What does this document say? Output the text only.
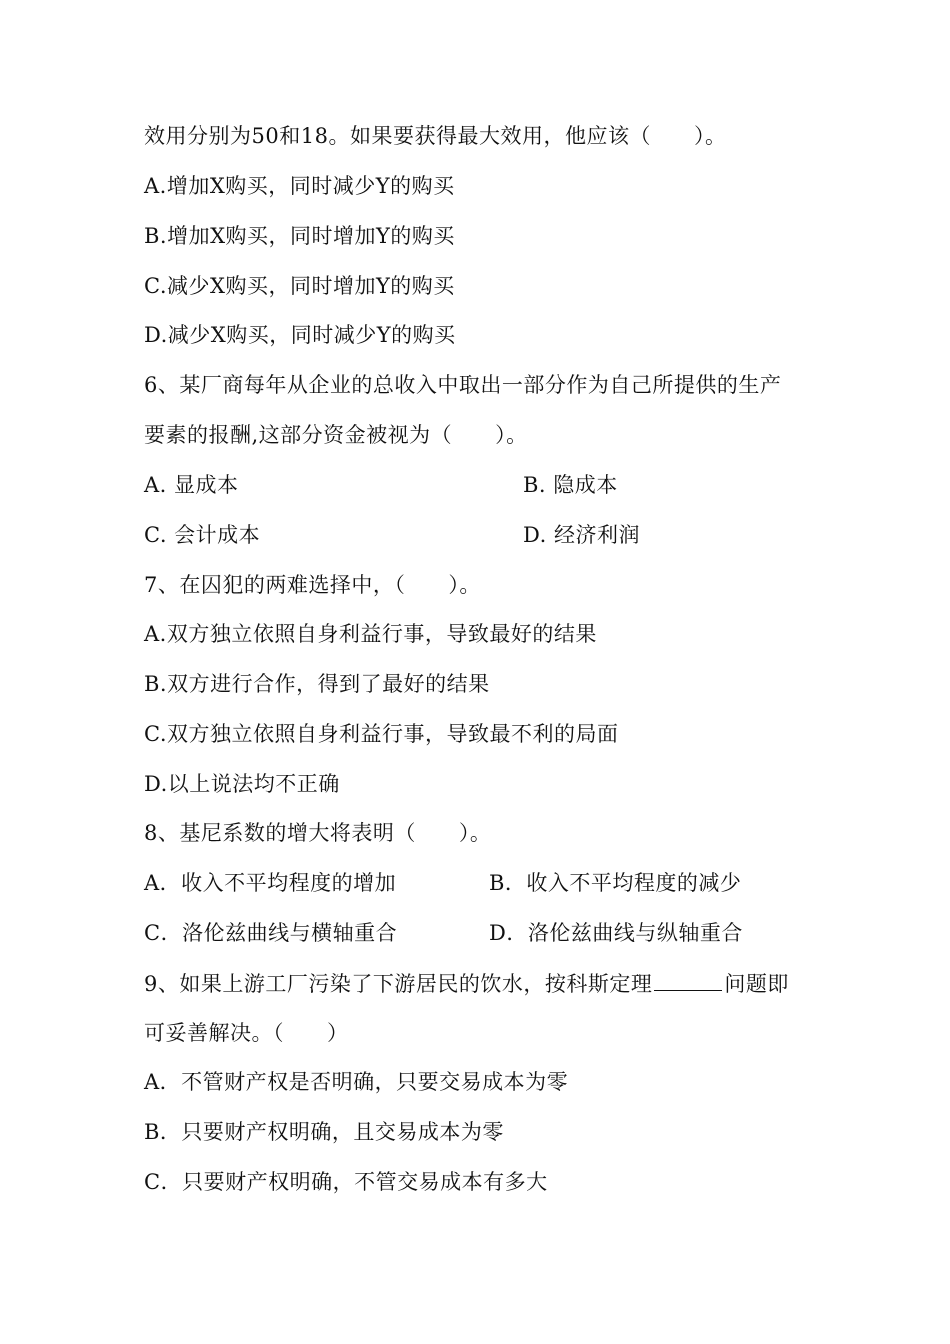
效用分别为50和18。如果要获得最大效用，他应该（　　）。
A.增加X购买，同时减少Y的购买
B.增加X购买，同时增加Y的购买
C.减少X购买，同时增加Y的购买
D.减少X购买，同时减少Y的购买
6、某厂商每年从企业的总收入中取出一部分作为自己所提供的生产
要素的报酬,这部分资金被视为（　　）。
A. 显成本	B. 隐成本
C. 会计成本	D. 经济利润
7、在囚犯的两难选择中，（　　）。
A.双方独立依照自身利益行事，导致最好的结果
B.双方进行合作，得到了最好的结果
C.双方独立依照自身利益行事，导致最不利的局面
D.以上说法均不正确
8、基尼系数的增大将表明（　　）。
A．收入不平均程度的增加	B．收入不平均程度的减少
C．洛伦兹曲线与横轴重合	D．洛伦兹曲线与纵轴重合
9、如果上游工厂污染了下游居民的饮水，按科斯定理	问题即
可妥善解决。（　　）
A．不管财产权是否明确，只要交易成本为零
B．只要财产权明确，且交易成本为零
C．只要财产权明确，不管交易成本有多大
